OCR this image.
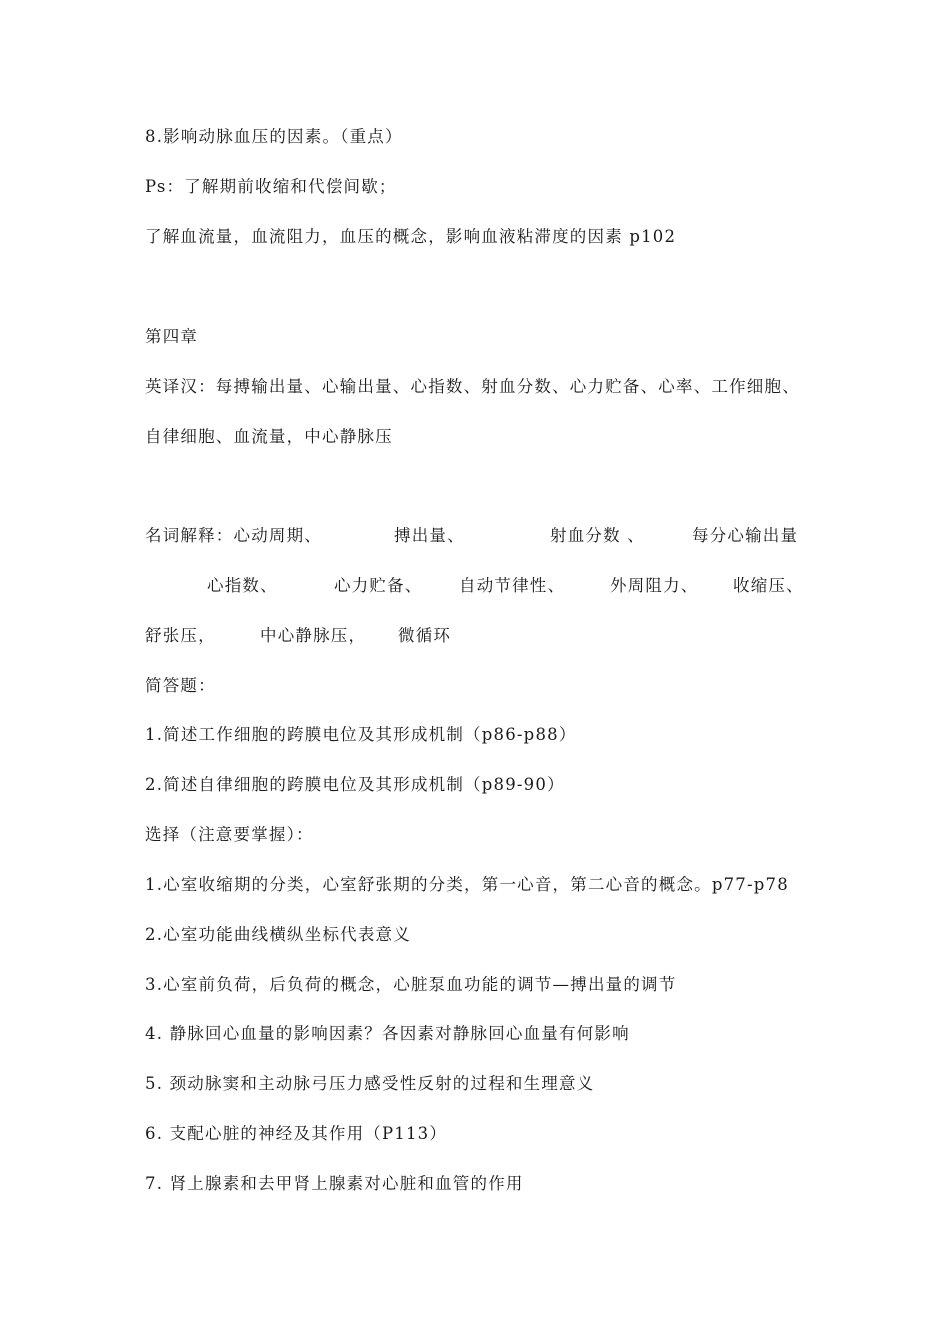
8.影响动脉血压的因素。（重点）
Ps：了解期前收缩和代偿间歇；
了解血流量，血流阻力，血压的概念，影响血液粘滞度的因素 p102
第四章
英译汉：每搏输出量、心输出量、心指数、射血分数、心力贮备、心率、工作细胞、
自律细胞、血流量，中心静脉压
名词解释：心动周期、	搏出量、	射血分数 、	每分心输出量
心指数、	心力贮备、 自动节律性、	外周阻力、 收缩压、
舒张压，	中心静脉压， 微循环
简答题：
1.简述工作细胞的跨膜电位及其形成机制（p86-p88）
2.简述自律细胞的跨膜电位及其形成机制（p89-90）
选择（注意要掌握）：
1.心室收缩期的分类，心室舒张期的分类，第一心音，第二心音的概念。p77-p78
2.心室功能曲线横纵坐标代表意义
3.心室前负荷，后负荷的概念，心脏泵血功能的调节—搏出量的调节
4. 静脉回心血量的影响因素？各因素对静脉回心血量有何影响
5. 颈动脉窦和主动脉弓压力感受性反射的过程和生理意义
6. 支配心脏的神经及其作用（P113）
7. 肾上腺素和去甲肾上腺素对心脏和血管的作用
